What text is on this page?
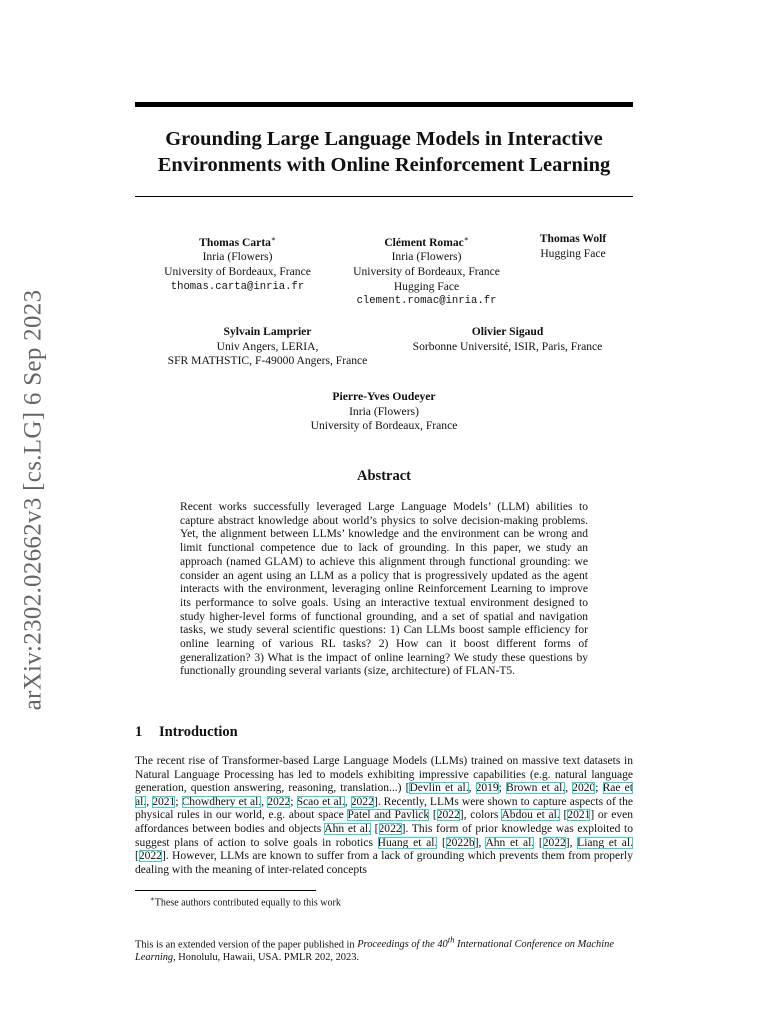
arXiv:2302.02662v3 [cs.LG] 6 Sep 2023
Grounding Large Language Models in Interactive
Environments with Online Reinforcement Learning
Thomas Carta∗
Inria (Flowers)
University of Bordeaux, France
thomas.carta@inria.fr
Clément Romac∗
Inria (Flowers)
University of Bordeaux, France
Hugging Face
clement.romac@inria.fr
Thomas Wolf
Hugging Face
Sylvain Lamprier
Univ Angers, LERIA,
SFR MATHSTIC, F-49000 Angers, France
Olivier Sigaud
Sorbonne Université, ISIR, Paris, France
Pierre-Yves Oudeyer
Inria (Flowers)
University of Bordeaux, France
Abstract
Recent works successfully leveraged Large Language Models’ (LLM) abilities to capture abstract knowledge about world’s physics to solve decision-making problems. Yet, the alignment between LLMs’ knowledge and the environment can be wrong and limit functional competence due to lack of grounding. In this paper, we study an approach (named GLAM) to achieve this alignment through functional grounding: we consider an agent using an LLM as a policy that is progressively updated as the agent interacts with the environment, leveraging online Reinforcement Learning to improve its performance to solve goals. Using an interactive textual environment designed to study higher-level forms of functional grounding, and a set of spatial and navigation tasks, we study several scientific questions: 1) Can LLMs boost sample efficiency for online learning of various RL tasks? 2) How can it boost different forms of generalization? 3) What is the impact of online learning? We study these questions by functionally grounding several variants (size, architecture) of FLAN-T5.
1 Introduction
The recent rise of Transformer-based Large Language Models (LLMs) trained on massive text datasets in Natural Language Processing has led to models exhibiting impressive capabilities (e.g. natural language generation, question answering, reasoning, translation...) [Devlin et al., 2019; Brown et al., 2020; Rae et al., 2021; Chowdhery et al., 2022; Scao et al., 2022]. Recently, LLMs were shown to capture aspects of the physical rules in our world, e.g. about space Patel and Pavlick [2022], colors Abdou et al. [2021] or even affordances between bodies and objects Ahn et al. [2022]. This form of prior knowledge was exploited to suggest plans of action to solve goals in robotics Huang et al. [2022b], Ahn et al. [2022], Liang et al. [2022]. However, LLMs are known to suffer from a lack of grounding which prevents them from properly dealing with the meaning of inter-related concepts
∗These authors contributed equally to this work
This is an extended version of the paper published in Proceedings of the 40th International Conference on Machine Learning, Honolulu, Hawaii, USA. PMLR 202, 2023.
